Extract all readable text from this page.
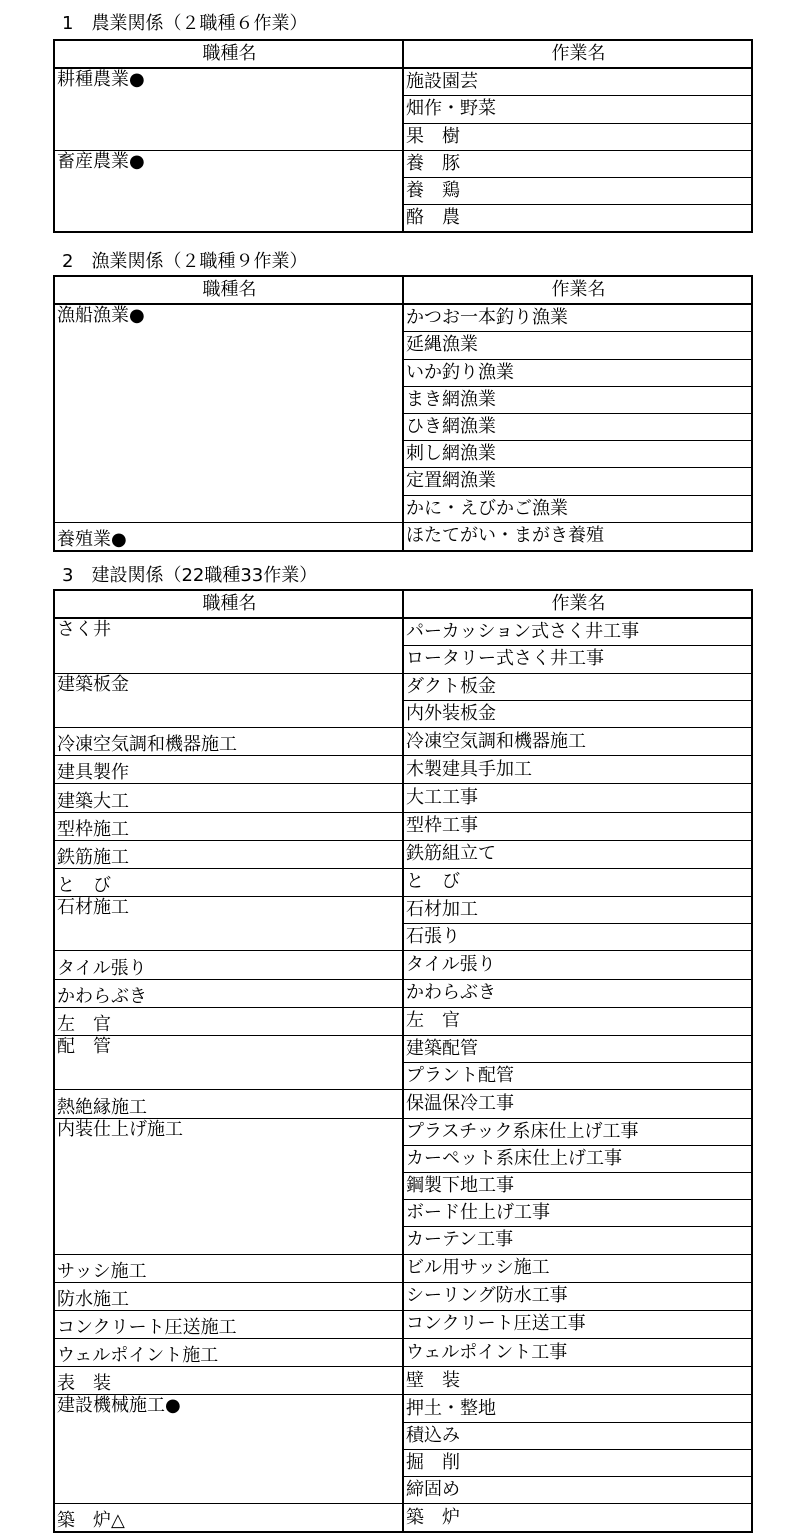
1　農業関係（２職種６作業）
職種名	作業名
耕種農業●	施設園芸
	畑作・野菜
	果　樹
畜産農業●	養　豚
	養　鶏
	酪　農
2　漁業関係（２職種９作業）
職種名	作業名
漁船漁業●	かつお一本釣り漁業
	延縄漁業
	いか釣り漁業
	まき網漁業
	ひき網漁業
	刺し網漁業
	定置網漁業
	かに・えびかご漁業
養殖業●	ほたてがい・まがき養殖
3　建設関係（22職種33作業）
職種名	作業名
さく井	パーカッション式さく井工事
	ロータリー式さく井工事
建築板金	ダクト板金
	内外装板金
冷凍空気調和機器施工	冷凍空気調和機器施工
建具製作	木製建具手加工
建築大工	大工工事
型枠施工	型枠工事
鉄筋施工	鉄筋組立て
と　び	と　び
石材施工	石材加工
	石張り
タイル張り	タイル張り
かわらぶき	かわらぶき
左　官	左　官
配　管	建築配管
	プラント配管
熱絶縁施工	保温保冷工事
内装仕上げ施工	プラスチック系床仕上げ工事
	カーペット系床仕上げ工事
	鋼製下地工事
	ボード仕上げ工事
	カーテン工事
サッシ施工	ビル用サッシ施工
防水施工	シーリング防水工事
コンクリート圧送施工	コンクリート圧送工事
ウェルポイント施工	ウェルポイント工事
表　装	壁　装
建設機械施工●	押土・整地
	積込み
	掘　削
	締固め
築　炉△	築　炉
